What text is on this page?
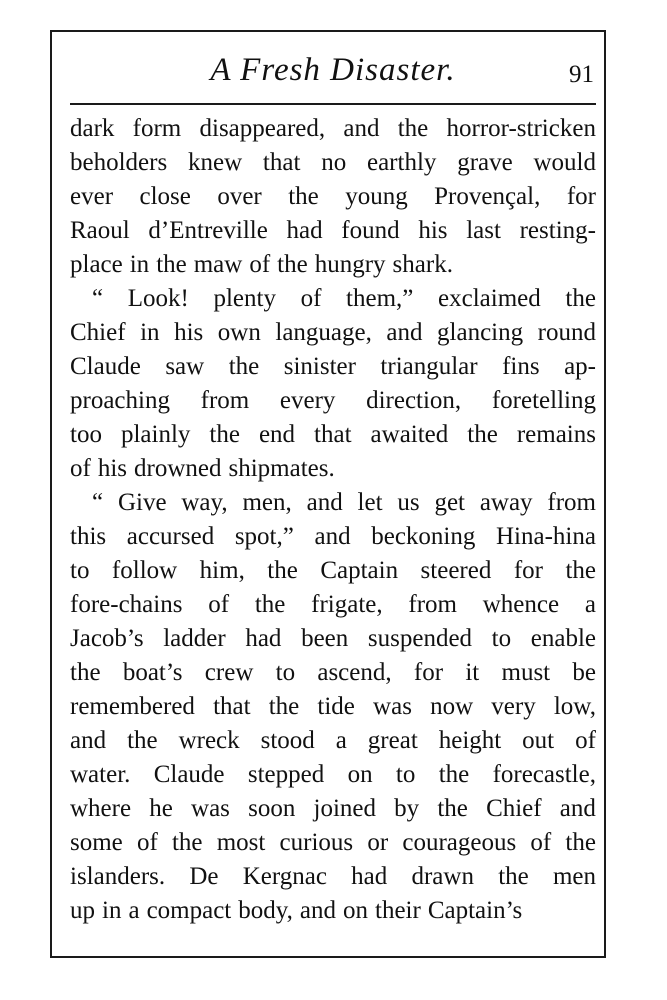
A Fresh Disaster.	91
dark form disappeared, and the horror-stricken
beholders knew that no earthly grave would
ever close over the young Provençal, for
Raoul d’Entreville had found his last resting-
place in the maw of the hungry shark.
“ Look! plenty of them,” exclaimed the
Chief in his own language, and glancing round
Claude saw the sinister triangular fins ap-
proaching from every direction, foretelling
too plainly the end that awaited the remains
of his drowned shipmates.
“ Give way, men, and let us get away from
this accursed spot,” and beckoning Hina-hina
to follow him, the Captain steered for the
fore-chains of the frigate, from whence a
Jacob’s ladder had been suspended to enable
the boat’s crew to ascend, for it must be
remembered that the tide was now very low,
and the wreck stood a great height out of
water. Claude stepped on to the forecastle,
where he was soon joined by the Chief and
some of the most curious or courageous of the
islanders. De Kergnac had drawn the men
up in a compact body, and on their Captain’s
